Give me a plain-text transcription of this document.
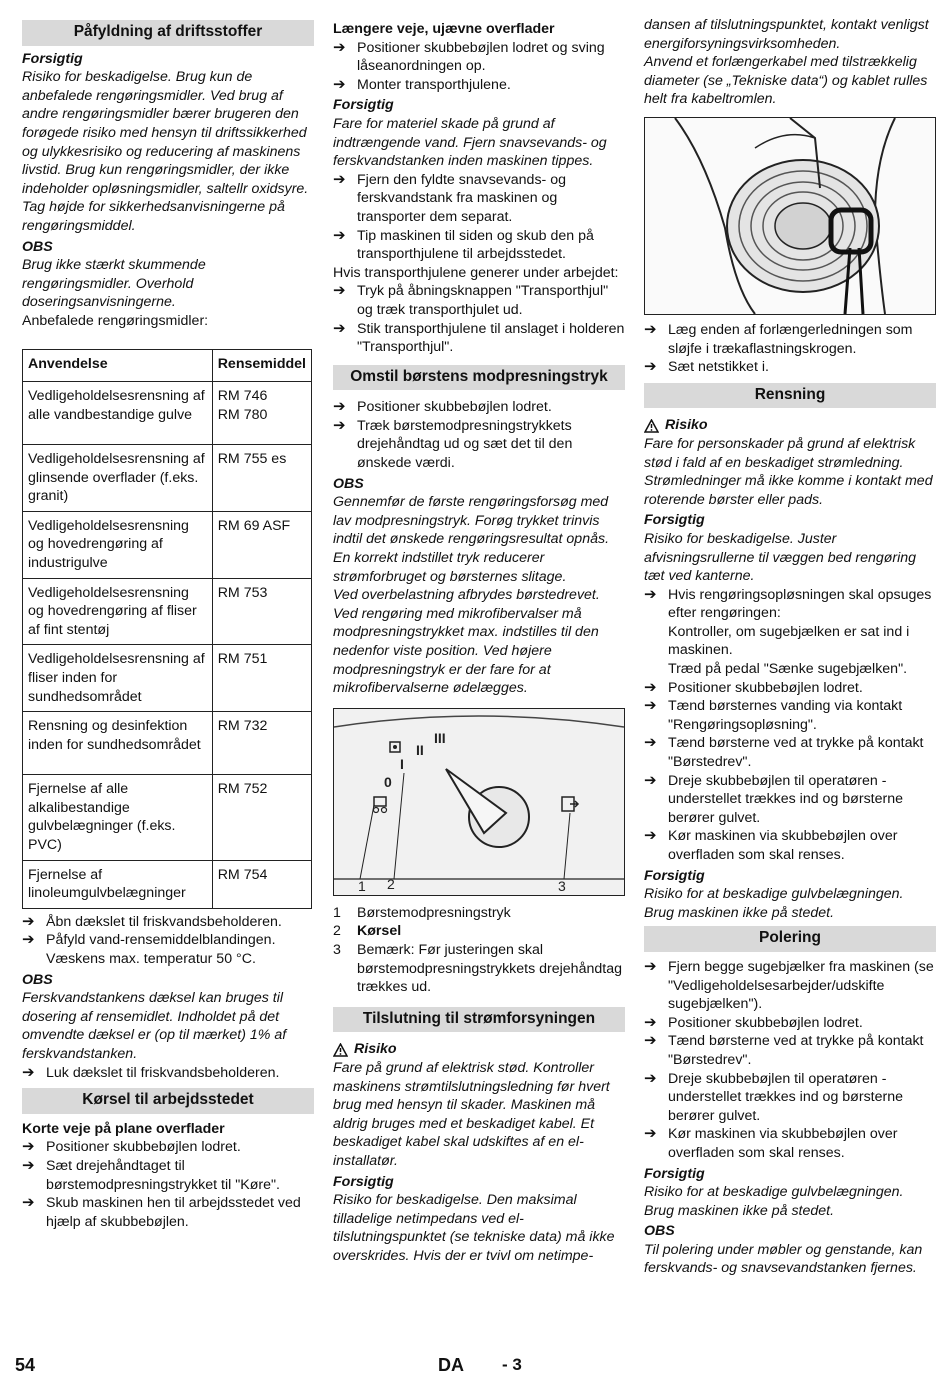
Påfyldning af driftsstoffer
Forsigtig
Risiko for beskadigelse. Brug kun de anbefalede rengøringsmidler. Ved brug af andre rengøringsmidler bærer brugeren den forøgede risiko med hensyn til driftssikkerhed og ulykkesrisiko og reducering af maskinens livstid. Brug kun rengøringsmidler, der ikke indeholder opløsningsmidler, saltellr oxidsyre.
Tag højde for sikkerhedsanvisningerne på rengøringsmiddel.
OBS
Brug ikke stærkt skummende rengøringsmidler. Overhold doseringsanvisningerne.
Anbefalede rengøringsmidler:
Anvendelse	Rensemiddel
Vedligeholdelsesrensning af alle vandbestandige gulve	RM 746
RM 780
Vedligeholdelsesrensning af glinsende overflader (f.eks. granit)	RM 755 es
Vedligeholdelsesrensning og hovedrengøring af industrigulve	RM 69 ASF
Vedligeholdelsesrensning og hovedrengøring af fliser af fint stentøj	RM 753
Vedligeholdelsesrensning af fliser inden for sundhedsområdet	RM 751
Rensning og desinfektion inden for sundhedsområdet	RM 732
Fjernelse af alle alkalibestandige gulvbelægninger (f.eks. PVC)	RM 752
Fjernelse af linoleumgulvbelægninger	RM 754
➔ Åbn dækslet til friskvandsbeholderen.
➔ Påfyld vand-rensemiddelblandingen. Væskens max. temperatur 50 °C.
OBS
Ferskvandstankens dæksel kan bruges til dosering af rensemidlet. Indholdet på det omvendte dæksel er (op til mærket) 1% af ferskvandstanken.
➔ Luk dækslet til friskvandsbeholderen.
Kørsel til arbejdsstedet
Korte veje på plane overflader
➔ Positioner skubbebøjlen lodret.
➔ Sæt drejehåndtaget til børstemodpresningstrykket til "Køre".
➔ Skub maskinen hen til arbejdsstedet ved hjælp af skubbebøjlen.
Længere veje, ujævne overflader
➔ Positioner skubbebøjlen lodret og sving låseanordningen op.
➔ Monter transporthjulene.
Forsigtig
Fare for materiel skade på grund af indtrængende vand. Fjern snavsevands- og ferskvandstanken inden maskinen tippes.
➔ Fjern den fyldte snavsevands- og ferskvandstank fra maskinen og transporter dem separat.
➔ Tip maskinen til siden og skub den på transporthjulene til arbejdsstedet.
Hvis transporthjulene generer under arbejdet:
➔ Tryk på åbningsknappen "Transporthjul" og træk transporthjulet ud.
➔ Stik transporthjulene til anslaget i holderen "Transporthjul".
Omstil børstens modpresningstryk
➔ Positioner skubbebøjlen lodret.
➔ Træk børstemodpresningstrykkets drejehåndtag ud og sæt det til den ønskede værdi.
OBS
Gennemfør de første rengøringsforsøg med lav modpresningstryk. Forøg trykket trinvis indtil det ønskede rengøringsresultat opnås. En korrekt indstillet tryk reducerer strømforbruget og børsternes slitage.
Ved overbelastning afbrydes børstedrevet. Ved rengøring med mikrofibervalser må modpresningstrykket max. indstilles til den nedenfor viste position. Ved højere modpresningstryk er der fare for at mikrofibervalserne ødelægges.
0
I
II
III
1 2	3
1	Børstemodpresningstryk
2	Kørsel
3	Bemærk: Før justeringen skal børstemodpresningstrykkets drejehåndtag trækkes ud.
Tilslutning til strømforsyningen
Risiko
Fare på grund af elektrisk stød. Kontroller maskinens strømtilslutningsledning før hvert brug med hensyn til skader. Maskinen må aldrig bruges med et beskadiget kabel. Et beskadiget kabel skal udskiftes af en el-installatør.
Forsigtig
Risiko for beskadigelse. Den maksimal tilladelige netimpedans ved el-tilslutningspunktet (se tekniske data) må ikke overskrides. Hvis der er tvivl om netimpe-
dansen af tilslutningspunktet, kontakt venligst energiforsyningsvirksomheden.
Anvend et forlængerkabel med tilstrækkelig diameter (se „Tekniske data“) og kablet rulles helt fra kabeltromlen.
➔ Læg enden af forlængerledningen som sløjfe i trækaflastningskrogen.
➔ Sæt netstikket i.
Rensning
Risiko
Fare for personskader på grund af elektrisk stød i fald af en beskadiget strømledning. Strømledninger må ikke komme i kontakt med roterende børster eller pads.
Forsigtig
Risiko for beskadigelse. Juster afvisningsrullerne til væggen bed rengøring tæt ved kanterne.
➔ Hvis rengøringsopløsningen skal opsuges efter rengøringen:
Kontroller, om sugebjælken er sat ind i maskinen.
Træd på pedal "Sænke sugebjælken".
➔ Positioner skubbebøjlen lodret.
➔ Tænd børsternes vanding via kontakt "Rengøringsopløsning".
➔ Tænd børsterne ved at trykke på kontakt "Børstedrev".
➔ Dreje skubbebøjlen til operatøren - understellet trækkes ind og børsterne berører gulvet.
➔ Kør maskinen via skubbebøjlen over overfladen som skal renses.
Forsigtig
Risiko for at beskadige gulvbelægningen. Brug maskinen ikke på stedet.
Polering
➔ Fjern begge sugebjælker fra maskinen (se "Vedligeholdelsesarbejder/udskifte sugebjælken").
➔ Positioner skubbebøjlen lodret.
➔ Tænd børsterne ved at trykke på kontakt "Børstedrev".
➔ Dreje skubbebøjlen til operatøren - understellet trækkes ind og børsterne berører gulvet.
➔ Kør maskinen via skubbebøjlen over overfladen som skal renses.
Forsigtig
Risiko for at beskadige gulvbelægningen. Brug maskinen ikke på stedet.
OBS
Til polering under møbler og genstande, kan ferskvands- og snavsevandstanken fjernes.
54	DA - 3
